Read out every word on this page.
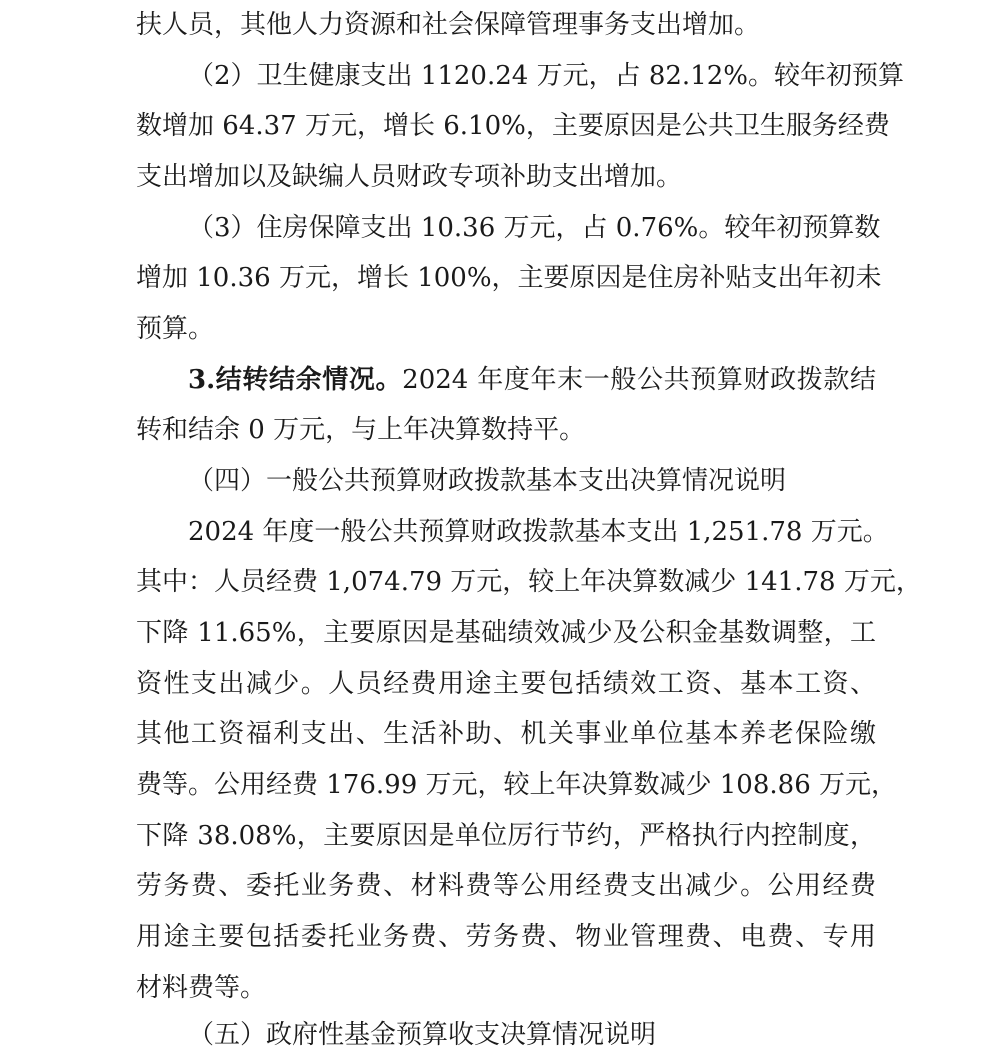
扶人员，其他人力资源和社会保障管理事务支出增加。
（2）卫生健康支出 1120.24 万元，占 82.12%。较年初预算
数增加 64.37 万元，增长 6.10%，主要原因是公共卫生服务经费
支出增加以及缺编人员财政专项补助支出增加。
（3）住房保障支出 10.36 万元，占 0.76%。较年初预算数
增加 10.36 万元，增长 100%，主要原因是住房补贴支出年初未
预算。
3.结转结余情况。2024 年度年末一般公共预算财政拨款结
转和结余 0 万元，与上年决算数持平。
（四）一般公共预算财政拨款基本支出决算情况说明
2024 年度一般公共预算财政拨款基本支出 1,251.78 万元。
其中：人员经费 1,074.79 万元，较上年决算数减少 141.78 万元，
下降 11.65%，主要原因是基础绩效减少及公积金基数调整，工
资性支出减少。人员经费用途主要包括绩效工资、基本工资、
其他工资福利支出、生活补助、机关事业单位基本养老保险缴
费等。公用经费 176.99 万元，较上年决算数减少 108.86 万元，
下降 38.08%，主要原因是单位厉行节约，严格执行内控制度，
劳务费、委托业务费、材料费等公用经费支出减少。公用经费
用途主要包括委托业务费、劳务费、物业管理费、电费、专用
材料费等。
（五）政府性基金预算收支决算情况说明
